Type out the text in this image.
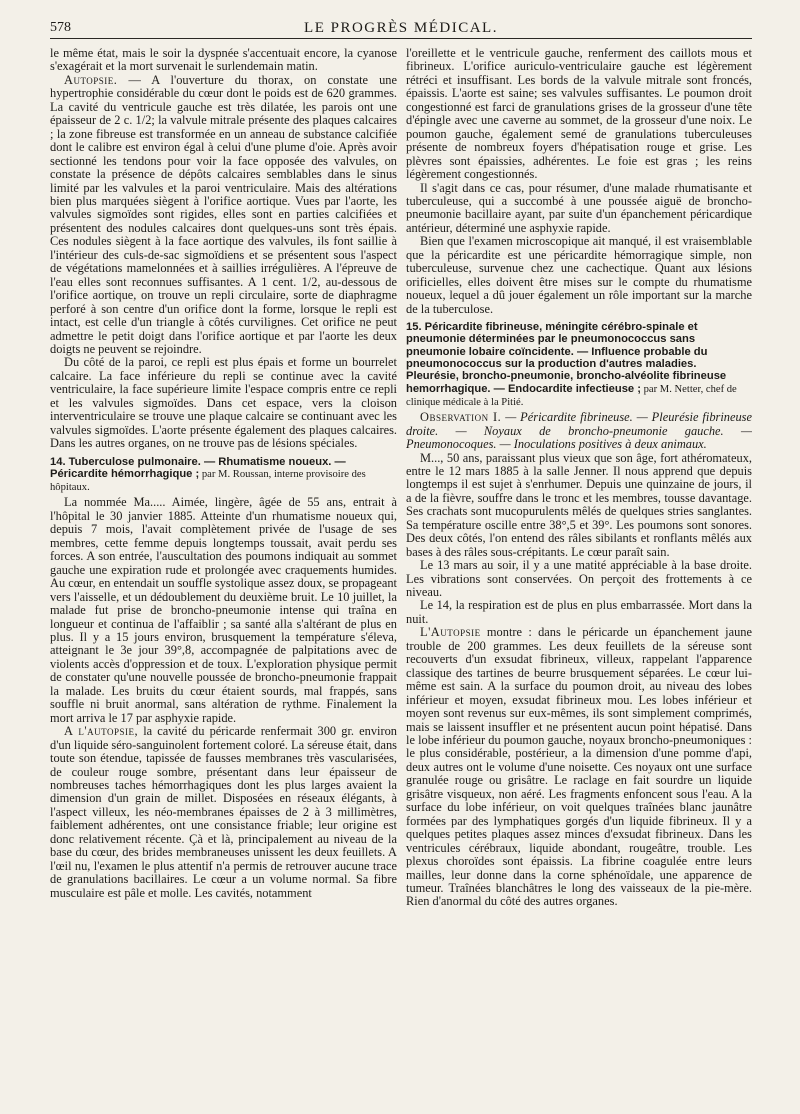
578	LE PROGRÈS MÉDICAL.

le même état, mais le soir la dyspnée s'accentuait encore, la cyanose s'exagérait et la mort survenait le surlendemain matin.

Autopsie. — A l'ouverture du thorax, on constate une hypertrophie considérable du cœur dont le poids est de 620 grammes. La cavité du ventricule gauche est très dilatée, les parois ont une épaisseur de 2 c. 1/2; la valvule mitrale présente des plaques calcaires ; la zone fibreuse est transformée en un anneau de substance calcifiée dont le calibre est environ égal à celui d'une plume d'oie. Après avoir sectionné les tendons pour voir la face opposée des valvules, on constate la présence de dépôts calcaires semblables dans le sinus limité par les valvules et la paroi ventriculaire. Mais des altérations bien plus marquées siègent à l'orifice aortique. Vues par l'aorte, les valvules sigmoïdes sont rigides, elles sont en parties calcifiées et présentent des nodules calcaires dont quelques-uns sont très épais. Ces nodules siègent à la face aortique des valvules, ils font saillie à l'intérieur des culs-de-sac sigmoïdiens et se présentent sous l'aspect de végétations mamelonnées et à saillies irrégulières. A l'épreuve de l'eau elles sont reconnues suffisantes. A 1 cent. 1/2, au-dessous de l'orifice aortique, on trouve un repli circulaire, sorte de diaphragme perforé à son centre d'un orifice dont la forme, lorsque le repli est intact, est celle d'un triangle à côtés curvilignes. Cet orifice ne peut admettre le petit doigt dans l'orifice aortique et par l'aorte les deux doigts ne peuvent se rejoindre.

Du côté de la paroi, ce repli est plus épais et forme un bourrelet calcaire. La face inférieure du repli se continue avec la cavité ventriculaire, la face supérieure limite l'espace compris entre ce repli et les valvules sigmoïdes. Dans cet espace, vers la cloison interventriculaire se trouve une plaque calcaire se continuant avec les valvules sigmoïdes. L'aorte présente également des plaques calcaires. Dans les autres organes, on ne trouve pas de lésions spéciales.

14. Tuberculose pulmonaire. — Rhumatisme noueux. — Péricardite hémorrhagique ; par M. Roussan, interne provisoire des hôpitaux.

La nommée Ma..... Aimée, lingère, âgée de 55 ans, entrait à l'hôpital le 30 janvier 1885. Atteinte d'un rhumatisme noueux qui, depuis 7 mois, l'avait complètement privée de l'usage de ses membres, cette femme depuis longtemps toussait, avait perdu ses forces. A son entrée, l'auscultation des poumons indiquait au sommet gauche une expiration rude et prolongée avec craquements humides. Au cœur, en entendait un souffle systolique assez doux, se propageant vers l'aisselle, et un dédoublement du deuxième bruit. Le 10 juillet, la malade fut prise de broncho-pneumonie intense qui traîna en longueur et continua de l'affaiblir ; sa santé alla s'altérant de plus en plus. Il y a 15 jours environ, brusquement la température s'éleva, atteignant le 3e jour 39°,8, accompagnée de palpitations avec de violents accès d'oppression et de toux. L'exploration physique permit de constater qu'une nouvelle poussée de broncho-pneumonie frappait la malade. Les bruits du cœur étaient sourds, mal frappés, sans souffle ni bruit anormal, sans altération de rythme. Finalement la mort arriva le 17 par asphyxie rapide.

A l'autopsie, la cavité du péricarde renfermait 300 gr. environ d'un liquide séro-sanguinolent fortement coloré. La séreuse était, dans toute son étendue, tapissée de fausses membranes très vascularisées, de couleur rouge sombre, présentant dans leur épaisseur de nombreuses taches hémorrhagiques dont les plus larges avaient la dimension d'un grain de millet. Disposées en réseaux élégants, à l'aspect villeux, les néo-membranes épaisses de 2 à 3 millimètres, faiblement adhérentes, ont une consistance friable; leur origine est donc relativement récente. Çà et là, principalement au niveau de la base du cœur, des brides membraneuses unissent les deux feuillets. A l'œil nu, l'examen le plus attentif n'a permis de retrouver aucune trace de granulations bacillaires. Le cœur a un volume normal. Sa fibre musculaire est pâle et molle. Les cavités, notamment

l'oreillette et le ventricule gauche, renferment des caillots mous et fibrineux. L'orifice auriculo-ventriculaire gauche est légèrement rétréci et insuffisant. Les bords de la valvule mitrale sont froncés, épaissis. L'aorte est saine; ses valvules suffisantes. Le poumon droit congestionné est farci de granulations grises de la grosseur d'une tête d'épingle avec une caverne au sommet, de la grosseur d'une noix. Le poumon gauche, également semé de granulations tuberculeuses présente de nombreux foyers d'hépatisation rouge et grise. Les plèvres sont épaissies, adhérentes. Le foie est gras ; les reins légèrement congestionnés.

Il s'agit dans ce cas, pour résumer, d'une malade rhumatisante et tuberculeuse, qui a succombé à une poussée aiguë de broncho-pneumonie bacillaire ayant, par suite d'un épanchement péricardique antérieur, déterminé une asphyxie rapide.

Bien que l'examen microscopique ait manqué, il est vraisemblable que la péricardite est une péricardite hémorragique simple, non tuberculeuse, survenue chez une cachectique. Quant aux lésions orificielles, elles doivent être mises sur le compte du rhumatisme noueux, lequel a dû jouer également un rôle important sur la marche de la tuberculose.

15. Péricardite fibrineuse, méningite cérébro-spinale et pneumonie déterminées par le pneumonococcus sans pneumonie lobaire coïncidente. — Influence probable du pneumonococcus sur la production d'autres maladies. Pleurésie, broncho-pneumonie, broncho-alvéolite fibrineuse hemorrhagique. — Endocardite infectieuse ; par M. Netter, chef de clinique médicale à la Pitié.

Observation I. — Péricardite fibrineuse. — Pleurésie fibrineuse droite. — Noyaux de broncho-pneumonie gauche. — Pneumonocoques. — Inoculations positives à deux animaux.

M..., 50 ans, paraissant plus vieux que son âge, fort athéromateux, entre le 12 mars 1885 à la salle Jenner. Il nous apprend que depuis longtemps il est sujet à s'enrhumer. Depuis une quinzaine de jours, il a de la fièvre, souffre dans le tronc et les membres, tousse davantage. Ses crachats sont mucopurulents mêlés de quelques stries sanglantes. Sa température oscille entre 38°,5 et 39°. Les poumons sont sonores. Des deux côtés, l'on entend des râles sibilants et ronflants mêlés aux bases à des râles sous-crépitants. Le cœur paraît sain.

Le 13 mars au soir, il y a une matité appréciable à la base droite. Les vibrations sont conservées. On perçoit des frottements à ce niveau.

Le 14, la respiration est de plus en plus embarrassée. Mort dans la nuit.

L'Autopsie montre : dans le péricarde un épanchement jaune trouble de 200 grammes. Les deux feuillets de la séreuse sont recouverts d'un exsudat fibrineux, villeux, rappelant l'apparence classique des tartines de beurre brusquement séparées. Le cœur lui-même est sain. A la surface du poumon droit, au niveau des lobes inférieur et moyen, exsudat fibrineux mou. Les lobes inférieur et moyen sont revenus sur eux-mêmes, ils sont simplement comprimés, mais se laissent insuffler et ne présentent aucun point hépatisé. Dans le lobe inférieur du poumon gauche, noyaux broncho-pneumoniques : le plus considérable, postérieur, a la dimension d'une pomme d'api, deux autres ont le volume d'une noisette. Ces noyaux ont une surface granulée rouge ou grisâtre. Le raclage en fait sourdre un liquide grisâtre visqueux, non aéré. Les fragments enfoncent sous l'eau. A la surface du lobe inférieur, on voit quelques traînées blanc jaunâtre formées par des lymphatiques gorgés d'un liquide fibrineux. Il y a quelques petites plaques assez minces d'exsudat fibrineux. Dans les ventricules cérébraux, liquide abondant, rougeâtre, trouble. Les plexus choroïdes sont épaissis. La fibrine coagulée entre leurs mailles, leur donne dans la corne sphénoïdale, une apparence de tumeur. Traînées blanchâtres le long des vaisseaux de la pie-mère. Rien d'anormal du côté des autres organes.
